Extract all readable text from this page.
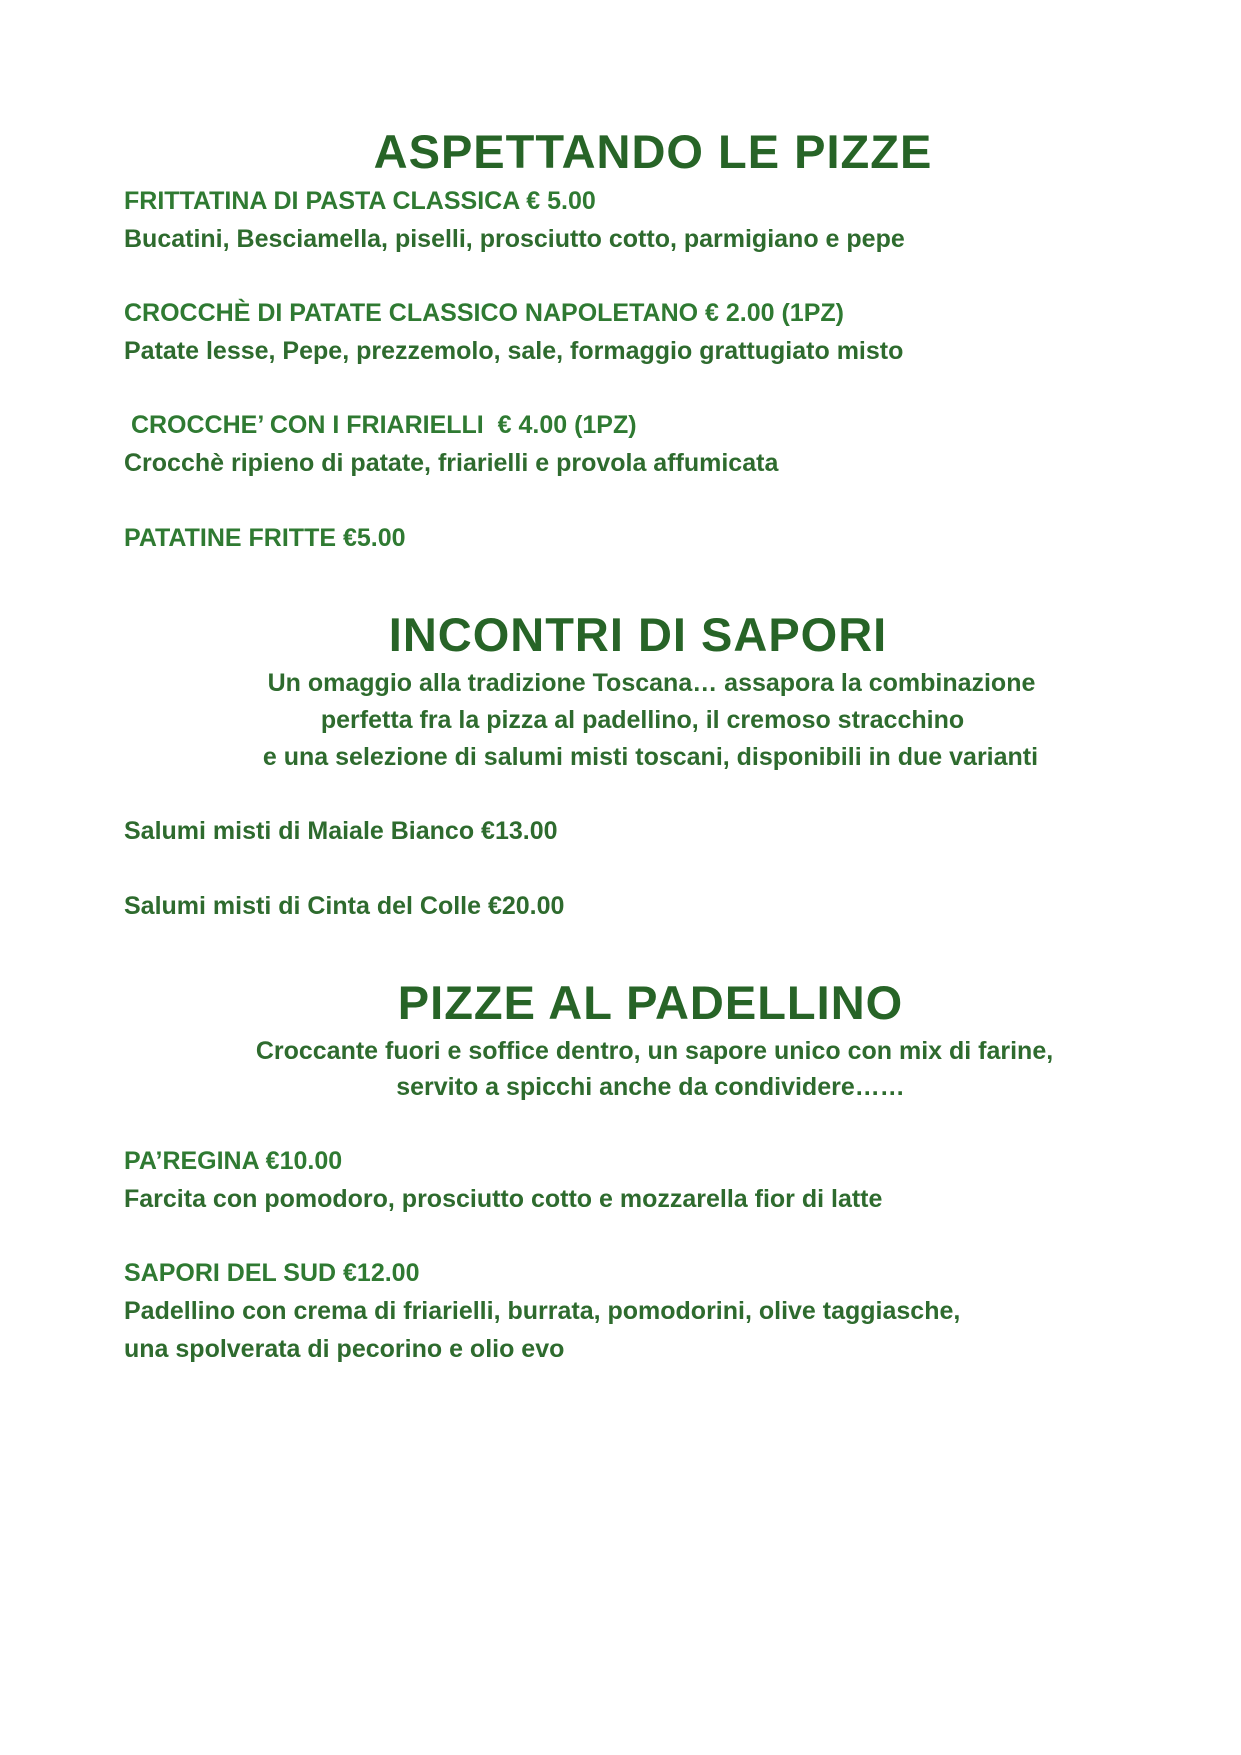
ASPETTANDO LE PIZZE
FRITTATINA DI PASTA CLASSICA € 5.00
Bucatini, Besciamella, piselli, prosciutto cotto, parmigiano e pepe
CROCCHÈ DI PATATE CLASSICO NAPOLETANO € 2.00 (1PZ)
Patate lesse, Pepe, prezzemolo, sale, formaggio grattugiato misto
CROCCHE’ CON I FRIARIELLI  € 4.00 (1PZ)
Crocchè ripieno di patate, friarielli e provola affumicata
PATATINE FRITTE €5.00
INCONTRI DI SAPORI
Un omaggio alla tradizione Toscana… assapora la combinazione
perfetta fra la pizza al padellino, il cremoso stracchino
e una selezione di salumi misti toscani, disponibili in due varianti
Salumi misti di Maiale Bianco €13.00
Salumi misti di Cinta del Colle €20.00
PIZZE AL PADELLINO
Croccante fuori e soffice dentro, un sapore unico con mix di farine,
servito a spicchi anche da condividere……
PA’REGINA €10.00
Farcita con pomodoro, prosciutto cotto e mozzarella fior di latte
SAPORI DEL SUD €12.00
Padellino con crema di friarielli, burrata, pomodorini, olive taggiasche,
una spolverata di pecorino e olio evo
